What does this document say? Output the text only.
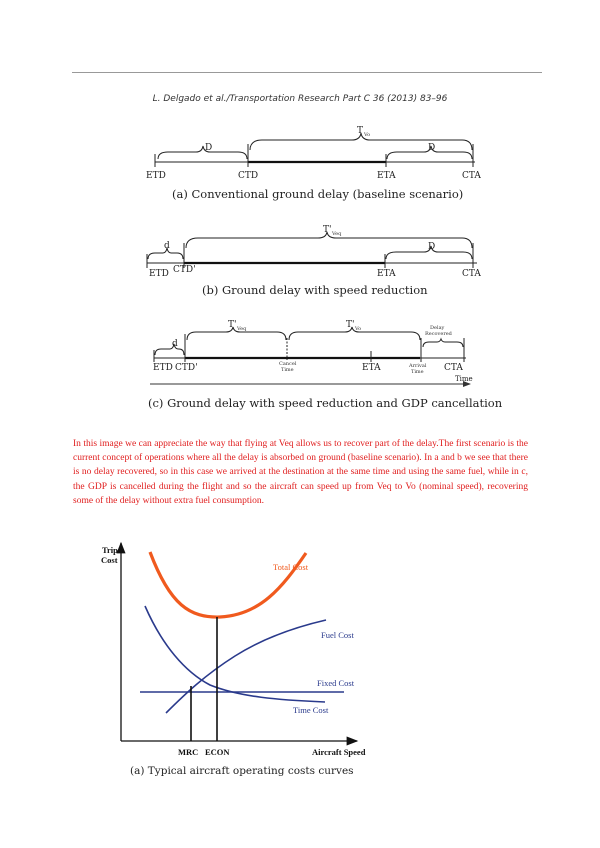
L. Delgado et al./Transportation Research Part C 36 (2013) 83–96
D
T Vo
D
ETD	CTD	ETA	CTA
(a) Conventional ground delay (baseline scenario)
d
T' Veq
D
ETD CTD'	ETA	CTA
(b) Ground delay with speed reduction
d
T' Veq	T' Vo	Delay
Recovered
ETD CTD'	Cancel
Time	ETA	Arrival
Time CTA
Time
(c) Ground delay with speed reduction and GDP cancellation

In this image we can appreciate the way that flying at Veq allows us to recover part of the delay.The first scenario is the current concept of operations where all the delay is absorbed on ground (baseline scenario). In a and b we see that there is no delay recovered, so in this case we arrived at the destination at the same time and using the same fuel, while in c, the GDP is cancelled during the flight and so the aircraft can speed up from Veq to Vo (nominal speed), recovering some of the delay without extra fuel consumption.

Trip
Cost
Total Cost
Fuel Cost
Fixed Cost
Time Cost
MRC ECON	Aircraft Speed
(a) Typical aircraft operating costs curves
